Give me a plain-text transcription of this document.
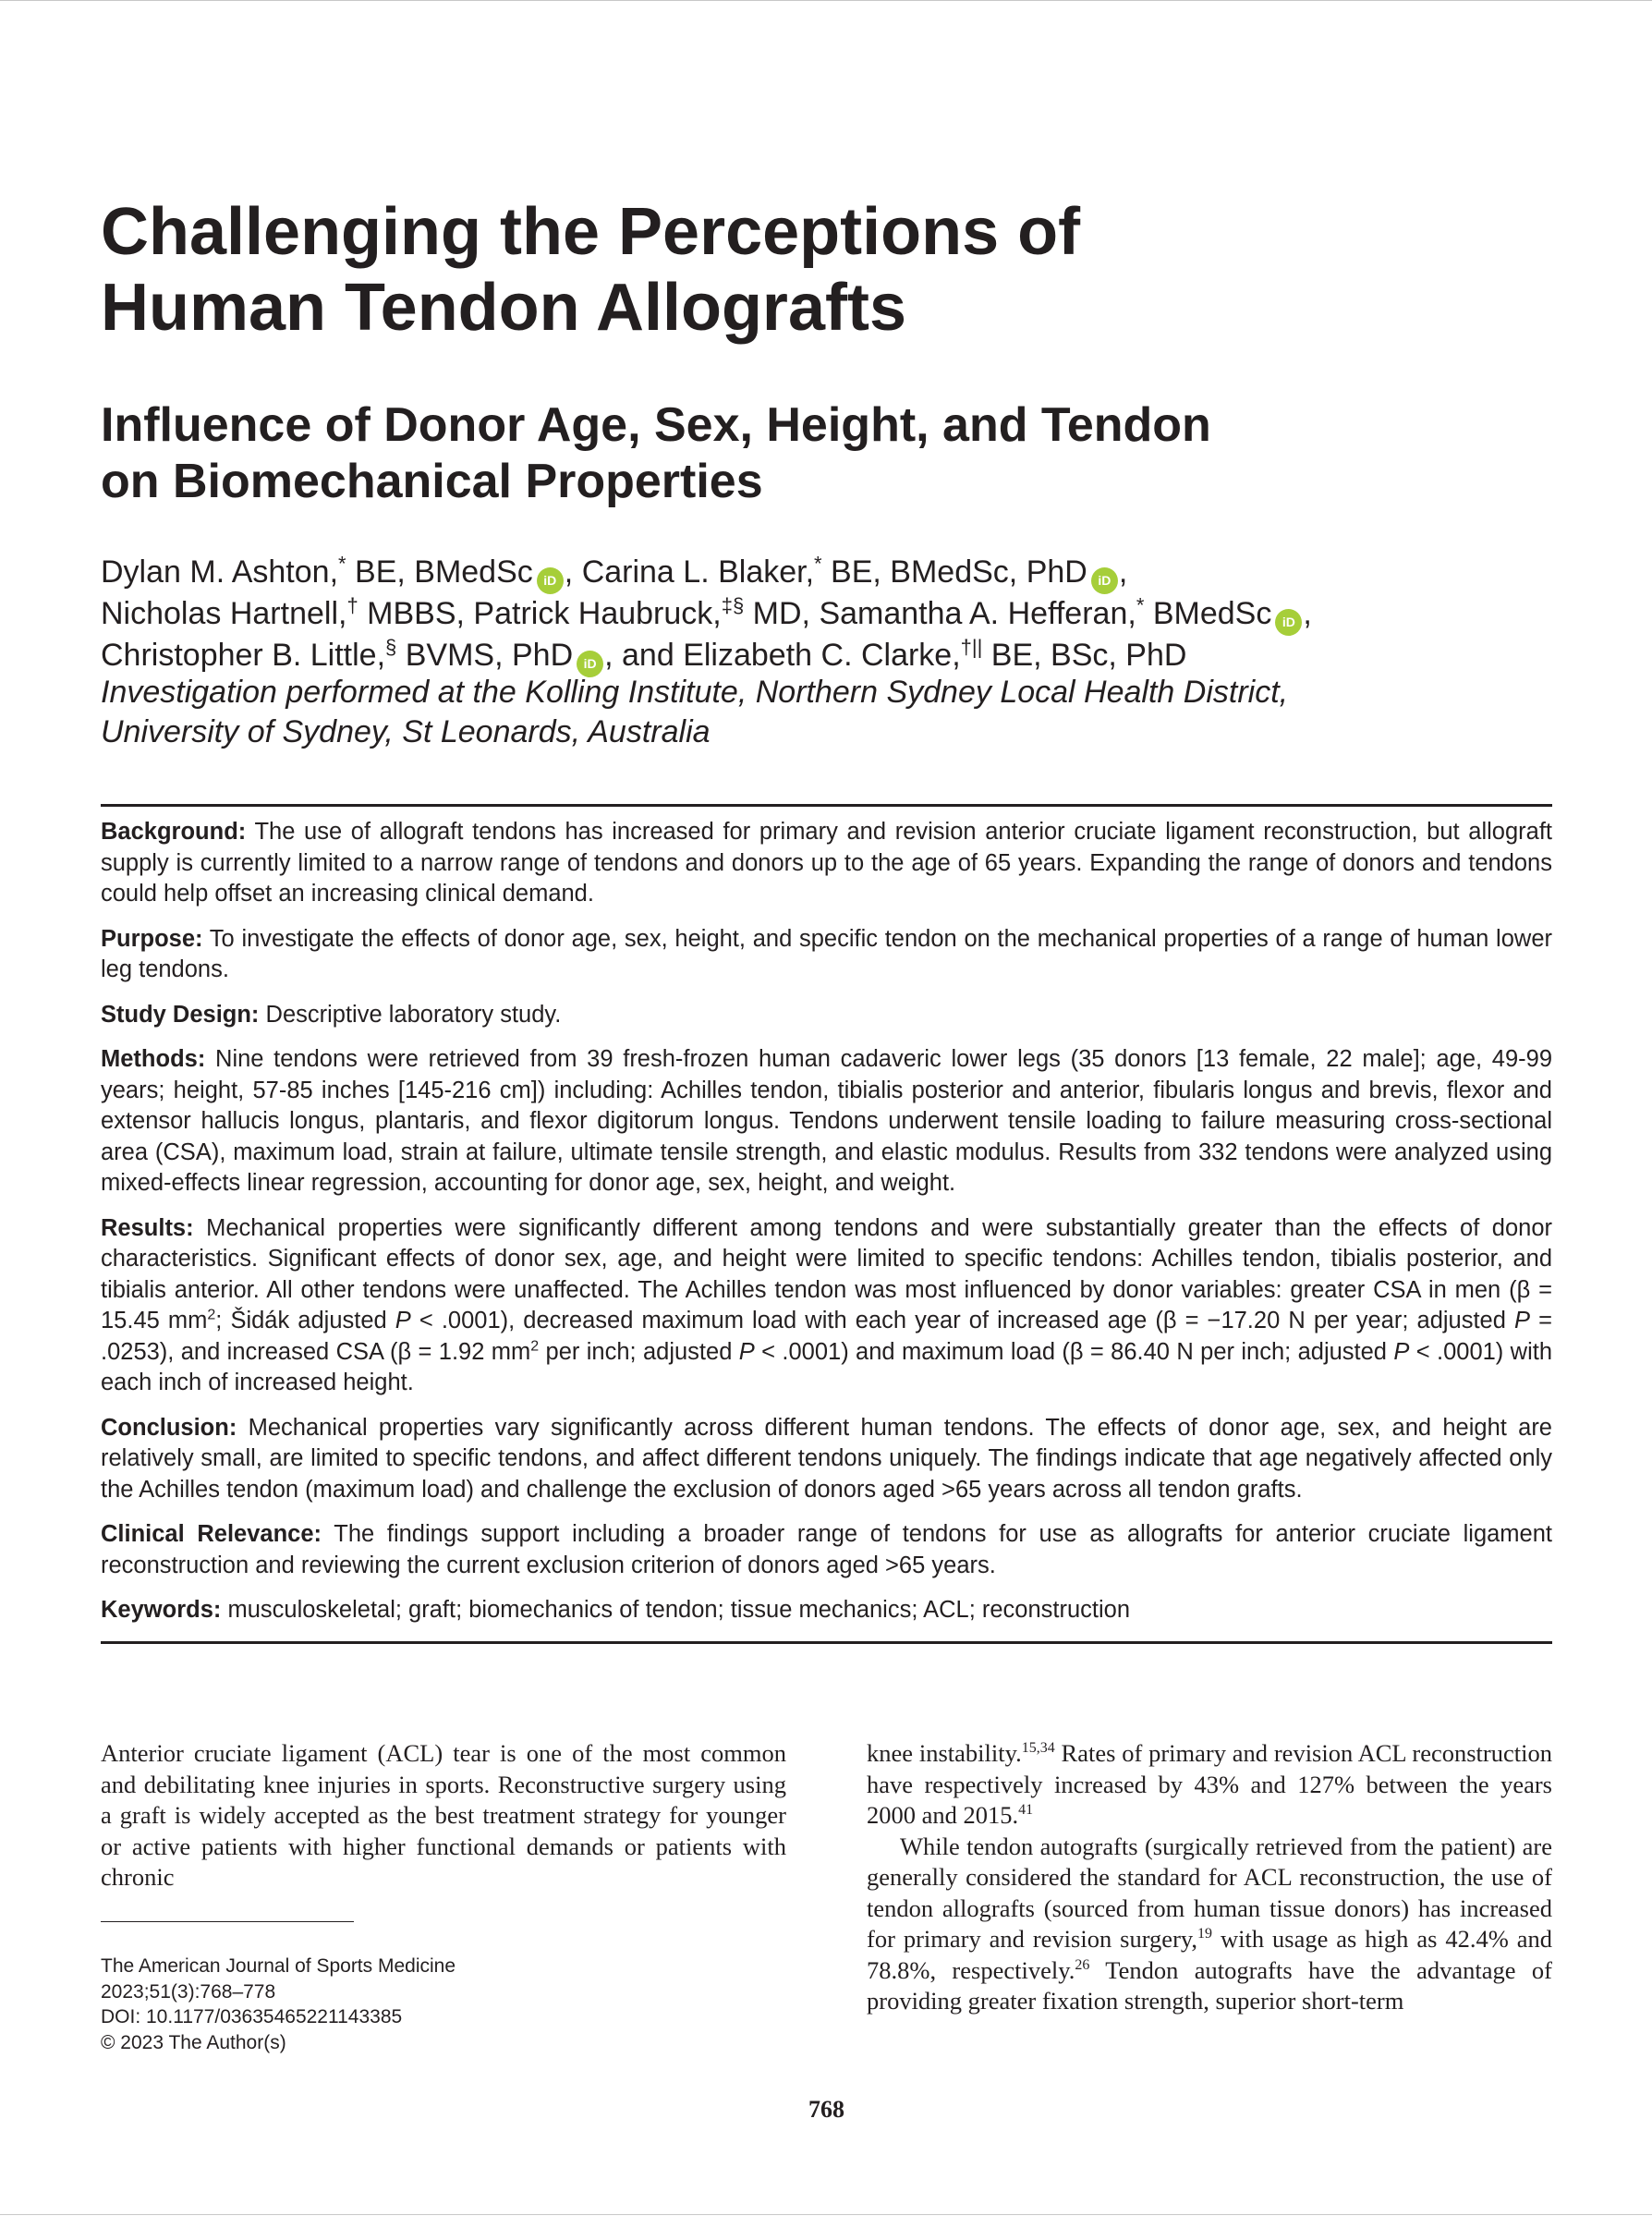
Challenging the Perceptions of
Human Tendon Allografts
Influence of Donor Age, Sex, Height, and Tendon
on Biomechanical Properties
Dylan M. Ashton,* BE, BMedSc iD , Carina L. Blaker,* BE, BMedSc, PhD iD ,
Nicholas Hartnell,† MBBS, Patrick Haubruck,‡§ MD, Samantha A. Hefferan,* BMedSc iD ,
Christopher B. Little,§ BVMS, PhD iD , and Elizabeth C. Clarke,†|| BE, BSc, PhD
Investigation performed at the Kolling Institute, Northern Sydney Local Health District,
University of Sydney, St Leonards, Australia

Background: The use of allograft tendons has increased for primary and revision anterior cruciate ligament reconstruction, but allograft supply is currently limited to a narrow range of tendons and donors up to the age of 65 years. Expanding the range of donors and tendons could help offset an increasing clinical demand.

Purpose: To investigate the effects of donor age, sex, height, and specific tendon on the mechanical properties of a range of human lower leg tendons.

Study Design: Descriptive laboratory study.

Methods: Nine tendons were retrieved from 39 fresh-frozen human cadaveric lower legs (35 donors [13 female, 22 male]; age, 49-99 years; height, 57-85 inches [145-216 cm]) including: Achilles tendon, tibialis posterior and anterior, fibularis longus and brevis, flexor and extensor hallucis longus, plantaris, and flexor digitorum longus. Tendons underwent tensile loading to failure measuring cross-sectional area (CSA), maximum load, strain at failure, ultimate tensile strength, and elastic modulus. Results from 332 tendons were analyzed using mixed-effects linear regression, accounting for donor age, sex, height, and weight.

Results: Mechanical properties were significantly different among tendons and were substantially greater than the effects of donor characteristics. Significant effects of donor sex, age, and height were limited to specific tendons: Achilles tendon, tibialis posterior, and tibialis anterior. All other tendons were unaffected. The Achilles tendon was most influenced by donor variables: greater CSA in men (β = 15.45 $mm^2$; Šidák adjusted P < .0001), decreased maximum load with each year of increased age (β = −17.20 N per year; adjusted P = .0253), and increased CSA (β = 1.92 $mm^2$ per inch; adjusted P < .0001) and maximum load (β = 86.40 N per inch; adjusted P < .0001) with each inch of increased height.

Conclusion: Mechanical properties vary significantly across different human tendons. The effects of donor age, sex, and height are relatively small, are limited to specific tendons, and affect different tendons uniquely. The findings indicate that age negatively affected only the Achilles tendon (maximum load) and challenge the exclusion of donors aged >65 years across all tendon grafts.

Clinical Relevance: The findings support including a broader range of tendons for use as allografts for anterior cruciate ligament reconstruction and reviewing the current exclusion criterion of donors aged >65 years.

Keywords: musculoskeletal; graft; biomechanics of tendon; tissue mechanics; ACL; reconstruction

Anterior cruciate ligament (ACL) tear is one of the most common and debilitating knee injuries in sports. Reconstructive surgery using a graft is widely accepted as the best treatment strategy for younger or active patients with higher functional demands or patients with chronic

knee instability.$^{15,34}$ Rates of primary and revision ACL reconstruction have respectively increased by 43% and 127% between the years 2000 and 2015.41

While tendon autografts (surgically retrieved from the patient) are generally considered the standard for ACL reconstruction, the use of tendon allografts (sourced from human tissue donors) has increased for primary and revision surgery,$^{19}$ with usage as high as 42.4% and 78.8%, respectively.$^{26}$ Tendon autografts have the advantage of providing greater fixation strength, superior short-term

The American Journal of Sports Medicine
2023;51(3):768–778
DOI: 10.1177/03635465221143385
© 2023 The Author(s)
768
